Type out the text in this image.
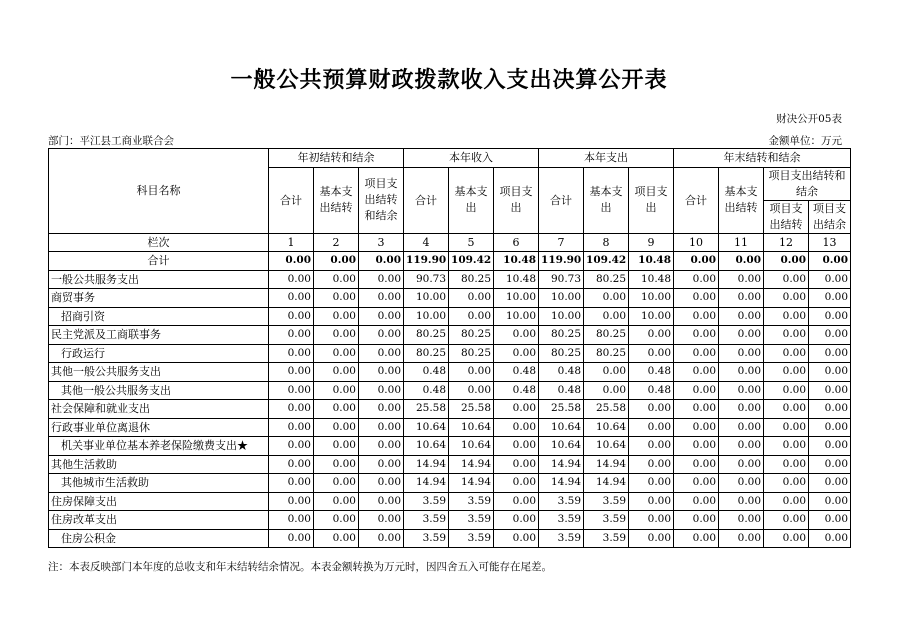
一般公共预算财政拨款收入支出决算公开表
财决公开05表
部门：平江县工商业联合会	金额单位：万元
科目名称	年初结转和结余			本年收入			本年支出			年末结转和结余			
	合计	基本支出结转	项目支出结转和结余	合计	基本支出	项目支出	合计	基本支出	项目支出	合计	基本支出结转	项目支出结转和结余	
												项目支出结转	项目支出结余
栏次	1	2	3	4	5	6	7	8	9	10	11	12	13
合计	0.00	0.00	0.00	119.90	109.42	10.48	119.90	109.42	10.48	0.00	0.00	0.00	0.00
一般公共服务支出	0.00	0.00	0.00	90.73	80.25	10.48	90.73	80.25	10.48	0.00	0.00	0.00	0.00
商贸事务	0.00	0.00	0.00	10.00	0.00	10.00	10.00	0.00	10.00	0.00	0.00	0.00	0.00
招商引资	0.00	0.00	0.00	10.00	0.00	10.00	10.00	0.00	10.00	0.00	0.00	0.00	0.00
民主党派及工商联事务	0.00	0.00	0.00	80.25	80.25	0.00	80.25	80.25	0.00	0.00	0.00	0.00	0.00
行政运行	0.00	0.00	0.00	80.25	80.25	0.00	80.25	80.25	0.00	0.00	0.00	0.00	0.00
其他一般公共服务支出	0.00	0.00	0.00	0.48	0.00	0.48	0.48	0.00	0.48	0.00	0.00	0.00	0.00
其他一般公共服务支出	0.00	0.00	0.00	0.48	0.00	0.48	0.48	0.00	0.48	0.00	0.00	0.00	0.00
社会保障和就业支出	0.00	0.00	0.00	25.58	25.58	0.00	25.58	25.58	0.00	0.00	0.00	0.00	0.00
行政事业单位离退休	0.00	0.00	0.00	10.64	10.64	0.00	10.64	10.64	0.00	0.00	0.00	0.00	0.00
机关事业单位基本养老保险缴费支出★	0.00	0.00	0.00	10.64	10.64	0.00	10.64	10.64	0.00	0.00	0.00	0.00	0.00
其他生活救助	0.00	0.00	0.00	14.94	14.94	0.00	14.94	14.94	0.00	0.00	0.00	0.00	0.00
其他城市生活救助	0.00	0.00	0.00	14.94	14.94	0.00	14.94	14.94	0.00	0.00	0.00	0.00	0.00
住房保障支出	0.00	0.00	0.00	3.59	3.59	0.00	3.59	3.59	0.00	0.00	0.00	0.00	0.00
住房改革支出	0.00	0.00	0.00	3.59	3.59	0.00	3.59	3.59	0.00	0.00	0.00	0.00	0.00
住房公积金	0.00	0.00	0.00	3.59	3.59	0.00	3.59	3.59	0.00	0.00	0.00	0.00	0.00
注：本表反映部门本年度的总收支和年末结转结余情况。本表金额转换为万元时，因四舍五入可能存在尾差。
